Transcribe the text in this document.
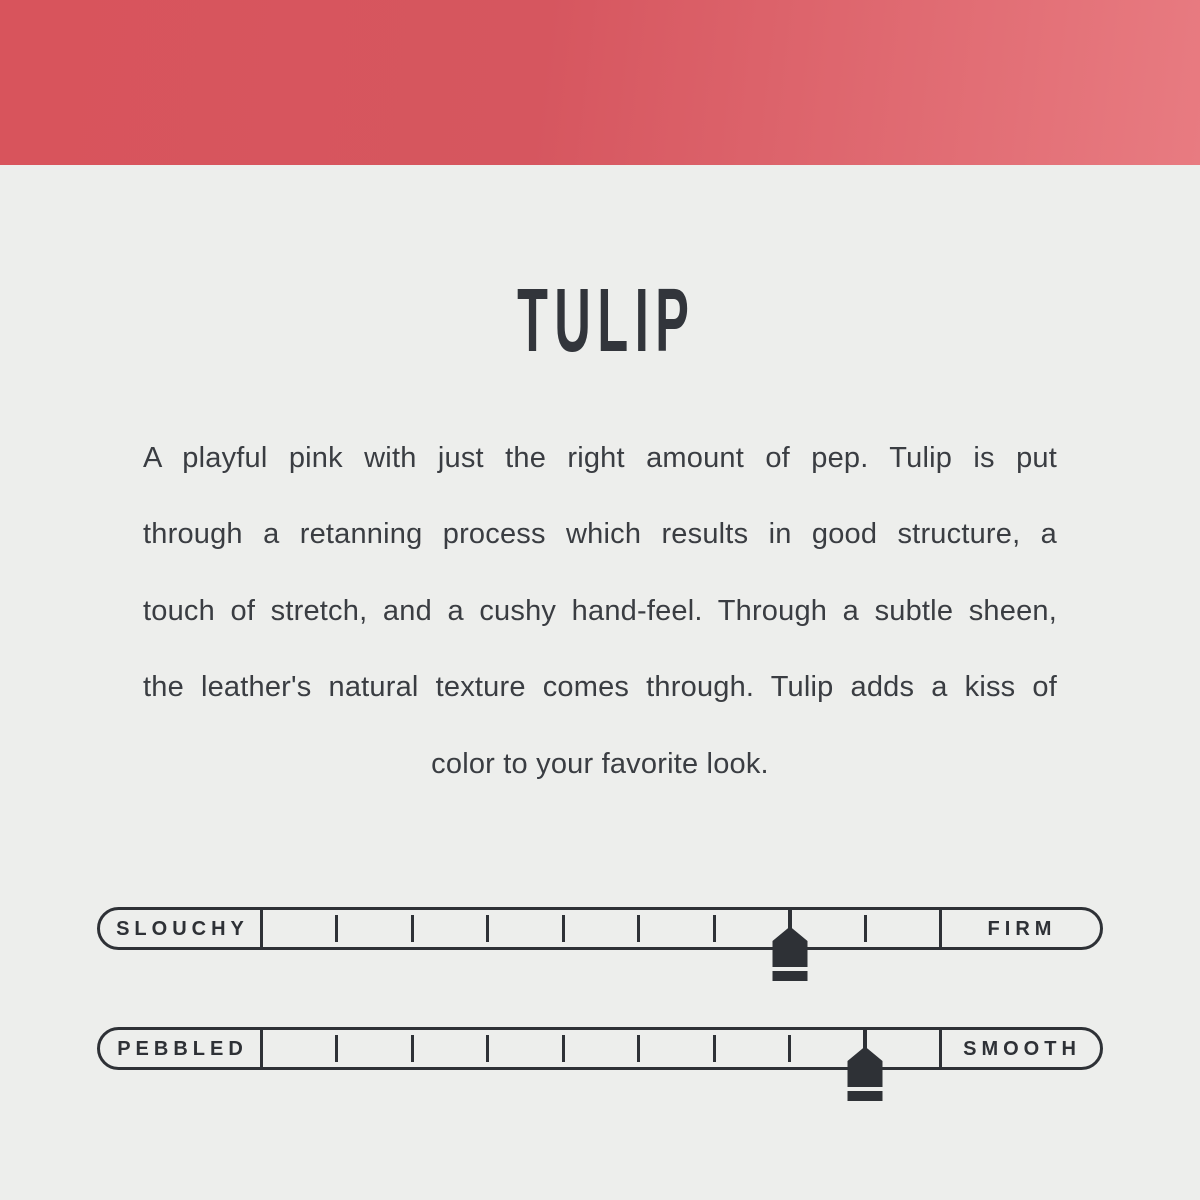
TULIP
A playful pink with just the right amount of pep. Tulip is put
through a retanning process which results in good structure, a
touch of stretch, and a cushy hand-feel. Through a subtle sheen,
the leather's natural texture comes through. Tulip adds a kiss of
color to your favorite look.
SLOUCHY	FIRM
PEBBLED	SMOOTH
